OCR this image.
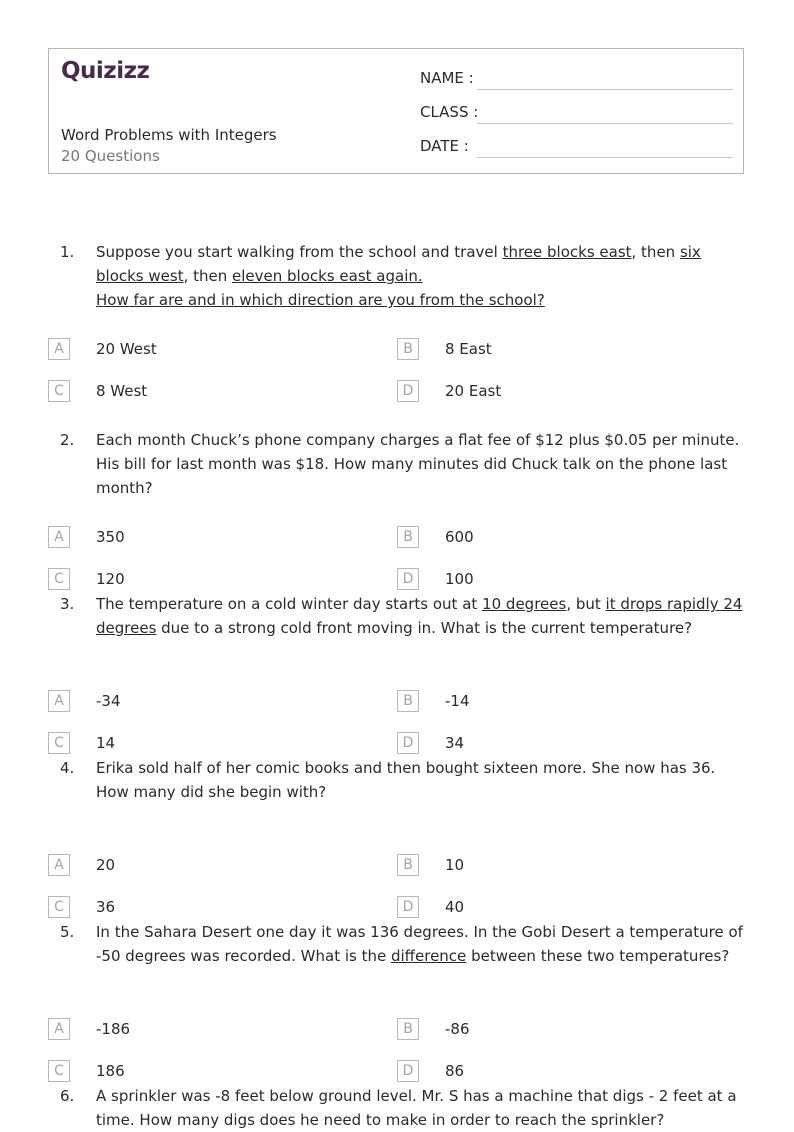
Quizizz
Word Problems with Integers
20 Questions
NAME :
CLASS :
DATE :
1. Suppose you start walking from the school and travel three blocks east, then six blocks west, then eleven blocks east again.
How far are and in which direction are you from the school?
A	20 West	B	8 East
C	8 West	D	20 East
2. Each month Chuck’s phone company charges a flat fee of $12 plus $0.05 per minute. His bill for last month was $18. How many minutes did Chuck talk on the phone last month?
A	350	B	600
C	120	D	100
3. The temperature on a cold winter day starts out at 10 degrees, but it drops rapidly 24 degrees due to a strong cold front moving in. What is the current temperature?
A	-34	B	-14
C	14	D	34
4. Erika sold half of her comic books and then bought sixteen more. She now has 36. How many did she begin with?
A	20	B	10
C	36	D	40
5. In the Sahara Desert one day it was 136 degrees. In the Gobi Desert a temperature of -50 degrees was recorded. What is the difference between these two temperatures?
A	-186	B	-86
C	186	D	86
6. A sprinkler was -8 feet below ground level. Mr. S has a machine that digs - 2 feet at a time. How many digs does he need to make in order to reach the sprinkler?
